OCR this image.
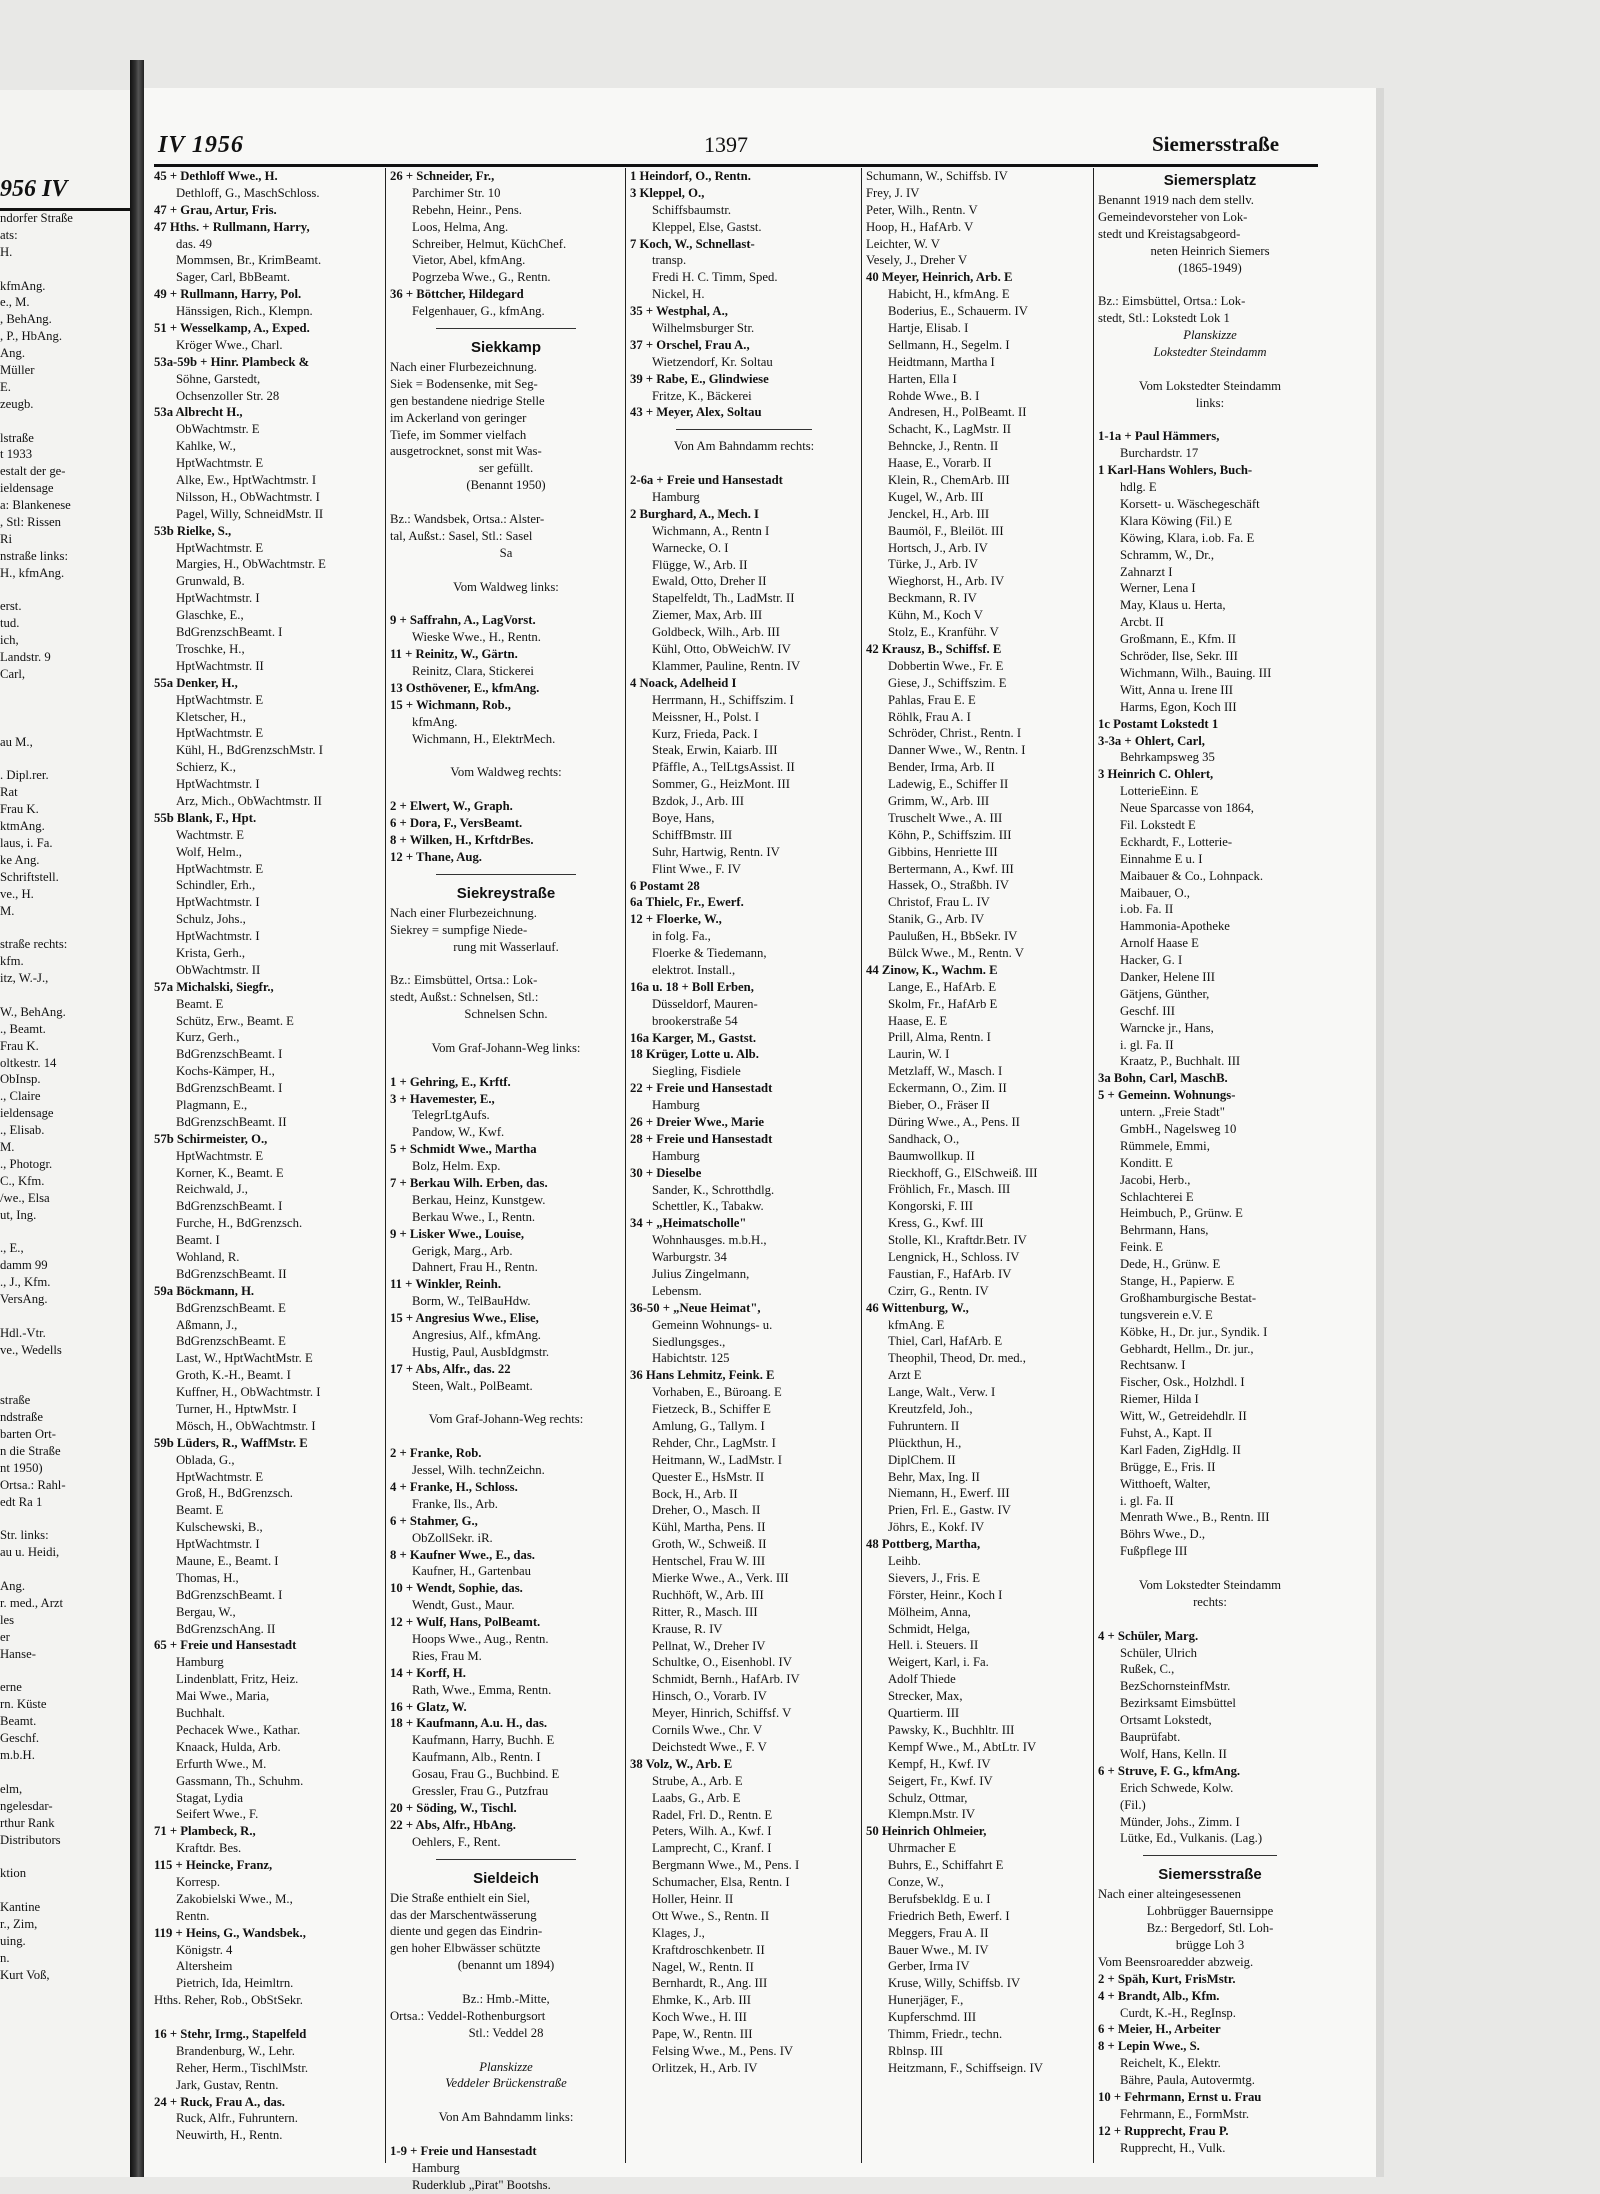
956 IV
ndorfer Straße
ats:
H.
kfmAng.
e., M.
, BehAng.
, P., HbAng.
Ang.
Müller
E.
zeugb.
lstraße
t 1933
estalt der ge-
ieldensage
a: Blankenese
, Stl: Rissen
Ri
nstraße links:
H., kfmAng.
erst.
tud.
ich,
Landstr. 9
Carl,
au M.,
. Dipl.rer.
Rat
Frau K.
ktmAng.
laus, i. Fa.
ke Ang.
Schriftstell.
ve., H.
M.
straße rechts:
kfm.
itz, W.-J.,
W., BehAng.
., Beamt.
Frau K.
oltkestr. 14
ObInsp.
., Claire
ieldensage
., Elisab.
M.
., Photogr.
C., Kfm.
/we., Elsa
ut, Ing.
., E.,
damm 99
., J., Kfm.
VersAng.
Hdl.-Vtr.
ve., Wedells
straße
ndstraße
barten Ort-
n die Straße
nt 1950)
Ortsa.: Rahl-
edt Ra 1
Str. links:
au u. Heidi,
Ang.
r. med., Arzt
les
er
Hanse-
erne
rn. Küste
Beamt.
Geschf.
m.b.H.
elm,
ngelesdar-
rthur Rank
Distributors
ktion
Kantine
r., Zim,
uing.
n.
Kurt Voß,
IV 1956	1397	Siemersstraße
45 + Dethloff Wwe., H.
Dethloff, G., MaschSchloss.
47 + Grau, Artur, Fris.
47 Hths. + Rullmann, Harry,
das. 49
Mommsen, Br., KrimBeamt.
Sager, Carl, BbBeamt.
49 + Rullmann, Harry, Pol.
Hänssigen, Rich., Klempn.
51 + Wesselkamp, A., Exped.
Kröger Wwe., Charl.
53a-59b + Hinr. Plambeck &
Söhne, Garstedt,
Ochsenzoller Str. 28
53a Albrecht H.,
ObWachtmstr. E
Kahlke, W.,
HptWachtmstr. E
Alke, Ew., HptWachtmstr. I
Nilsson, H., ObWachtmstr. I
Pagel, Willy, SchneidMstr. II
53b Rielke, S.,
HptWachtmstr. E
Margies, H., ObWachtmstr. E
Grunwald, B.
HptWachtmstr. I
Glaschke, E.,
BdGrenzschBeamt. I
Troschke, H.,
HptWachtmstr. II
55a Denker, H.,
HptWachtmstr. E
Kletscher, H.,
HptWachtmstr. E
Kühl, H., BdGrenzschMstr. I
Schierz, K.,
HptWachtmstr. I
Arz, Mich., ObWachtmstr. II
55b Blank, F., Hpt.
Wachtmstr. E
Wolf, Helm.,
HptWachtmstr. E
Schindler, Erh.,
HptWachtmstr. I
Schulz, Johs.,
HptWachtmstr. I
Krista, Gerh.,
ObWachtmstr. II
57a Michalski, Siegfr.,
Beamt. E
Schütz, Erw., Beamt. E
Kurz, Gerh.,
BdGrenzschBeamt. I
Kochs-Kämper, H.,
BdGrenzschBeamt. I
Plagmann, E.,
BdGrenzschBeamt. II
57b Schirmeister, O.,
HptWachtmstr. E
Korner, K., Beamt. E
Reichwald, J.,
BdGrenzschBeamt. I
Furche, H., BdGrenzsch.
Beamt. I
Wohland, R.
BdGrenzschBeamt. II
59a Böckmann, H.
BdGrenzschBeamt. E
Aßmann, J.,
BdGrenzschBeamt. E
Last, W., HptWachtMstr. E
Groth, K.-H., Beamt. I
Kuffner, H., ObWachtmstr. I
Turner, H., HptwMstr. I
Mösch, H., ObWachtmstr. I
59b Lüders, R., WaffMstr. E
Oblada, G.,
HptWachtmstr. E
Groß, H., BdGrenzsch.
Beamt. E
Kulschewski, B.,
HptWachtmstr. I
Maune, E., Beamt. I
Thomas, H.,
BdGrenzschBeamt. I
Bergau, W.,
BdGrenzschAng. II
65 + Freie und Hansestadt
Hamburg
Lindenblatt, Fritz, Heiz.
Mai Wwe., Maria,
Buchhalt.
Pechacek Wwe., Kathar.
Knaack, Hulda, Arb.
Erfurth Wwe., M.
Gassmann, Th., Schuhm.
Stagat, Lydia
Seifert Wwe., F.
71 + Plambeck, R.,
Kraftdr. Bes.
115 + Heincke, Franz,
Korresp.
Zakobielski Wwe., M.,
Rentn.
119 + Heins, G., Wandsbek.,
Königstr. 4
Altersheim
Pietrich, Ida, Heimltrn.
Hths. Reher, Rob., ObStSekr.
16 + Stehr, Irmg., Stapelfeld
Brandenburg, W., Lehr.
Reher, Herm., TischlMstr.
Jark, Gustav, Rentn.
24 + Ruck, Frau A., das.
Ruck, Alfr., Fuhruntern.
Neuwirth, H., Rentn.
26 + Schneider, Fr.,
Parchimer Str. 10
Rebehn, Heinr., Pens.
Loos, Helma, Ang.
Schreiber, Helmut, KüchChef.
Vietor, Abel, kfmAng.
Pogrzeba Wwe., G., Rentn.
36 + Böttcher, Hildegard
Felgenhauer, G., kfmAng.
Siekkamp
Nach einer Flurbezeichnung.
Siek = Bodensenke, mit Seg-
gen bestandene niedrige Stelle
im Ackerland von geringer
Tiefe, im Sommer vielfach
ausgetrocknet, sonst mit Was-
ser gefüllt.
(Benannt 1950)
Bz.: Wandsbek, Ortsa.: Alster-
tal, Außst.: Sasel, Stl.: Sasel
Sa
Vom Waldweg links:
9 + Saffrahn, A., LagVorst.
Wieske Wwe., H., Rentn.
11 + Reinitz, W., Gärtn.
Reinitz, Clara, Stickerei
13 Osthövener, E., kfmAng.
15 + Wichmann, Rob.,
kfmAng.
Wichmann, H., ElektrMech.
Vom Waldweg rechts:
2 + Elwert, W., Graph.
6 + Dora, F., VersBeamt.
8 + Wilken, H., KrftdrBes.
12 + Thane, Aug.
Siekreystraße
Nach einer Flurbezeichnung.
Siekrey = sumpfige Niede-
rung mit Wasserlauf.
Bz.: Eimsbüttel, Ortsa.: Lok-
stedt, Außst.: Schnelsen, Stl.:
Schnelsen Schn.
Vom Graf-Johann-Weg links:
1 + Gehring, E., Krftf.
3 + Havemester, E.,
TelegrLtgAufs.
Pandow, W., Kwf.
5 + Schmidt Wwe., Martha
Bolz, Helm. Exp.
7 + Berkau Wilh. Erben, das.
Berkau, Heinz, Kunstgew.
Berkau Wwe., I., Rentn.
9 + Lisker Wwe., Louise,
Gerigk, Marg., Arb.
Dahnert, Frau H., Rentn.
11 + Winkler, Reinh.
Borm, W., TelBauHdw.
15 + Angresius Wwe., Elise,
Angresius, Alf., kfmAng.
Hustig, Paul, AusbIdgmstr.
17 + Abs, Alfr., das. 22
Steen, Walt., PolBeamt.
Vom Graf-Johann-Weg rechts:
2 + Franke, Rob.
Jessel, Wilh. technZeichn.
4 + Franke, H., Schloss.
Franke, Ils., Arb.
6 + Stahmer, G.,
ObZollSekr. iR.
8 + Kaufner Wwe., E., das.
Kaufner, H., Gartenbau
10 + Wendt, Sophie, das.
Wendt, Gust., Maur.
12 + Wulf, Hans, PolBeamt.
Hoops Wwe., Aug., Rentn.
Ries, Frau M.
14 + Korff, H.
Rath, Wwe., Emma, Rentn.
16 + Glatz, W.
18 + Kaufmann, A.u. H., das.
Kaufmann, Harry, Buchh. E
Kaufmann, Alb., Rentn. I
Gosau, Frau G., Buchbind. E
Gressler, Frau G., Putzfrau
20 + Söding, W., Tischl.
22 + Abs, Alfr., HbAng.
Oehlers, F., Rent.
Sieldeich
Die Straße enthielt ein Siel,
das der Marschentwässerung
diente und gegen das Eindrin-
gen hoher Elbwässer schützte
(benannt um 1894)
Bz.: Hmb.-Mitte,
Ortsa.: Veddel-Rothenburgsort
Stl.: Veddel 28
Planskizze
Veddeler Brückenstraße
Von Am Bahndamm links:
1-9 + Freie und Hansestadt
Hamburg
Ruderklub „Pirat" Bootshs.
1 Heindorf, O., Rentn.
3 Kleppel, O.,
Schiffsbaumstr.
Kleppel, Else, Gastst.
7 Koch, W., Schnellast-
transp.
Fredi H. C. Timm, Sped.
Nickel, H.
35 + Westphal, A.,
Wilhelmsburger Str.
37 + Orschel, Frau A.,
Wietzendorf, Kr. Soltau
39 + Rabe, E., Glindwiese
Fritze, K., Bäckerei
43 + Meyer, Alex, Soltau
Von Am Bahndamm rechts:
2-6a + Freie und Hansestadt
Hamburg
2 Burghard, A., Mech. I
Wichmann, A., Rentn I
Warnecke, O. I
Flügge, W., Arb. II
Ewald, Otto, Dreher II
Stapelfeldt, Th., LadMstr. II
Ziemer, Max, Arb. III
Goldbeck, Wilh., Arb. III
Kühl, Otto, ObWeichW. IV
Klammer, Pauline, Rentn. IV
4 Noack, Adelheid I
Herrmann, H., Schiffszim. I
Meissner, H., Polst. I
Kurz, Frieda, Pack. I
Steak, Erwin, Kaiarb. III
Pfäffle, A., TelLtgsAssist. II
Sommer, G., HeizMont. III
Bzdok, J., Arb. III
Boye, Hans,
SchiffBmstr. III
Suhr, Hartwig, Rentn. IV
Flint Wwe., F. IV
6 Postamt 28
6a Thielc, Fr., Ewerf.
12 + Floerke, W.,
in folg. Fa.,
Floerke & Tiedemann,
elektrot. Install.,
16a u. 18 + Boll Erben,
Düsseldorf, Mauren-
brookerstraße 54
16a Karger, M., Gastst.
18 Krüger, Lotte u. Alb.
Siegling, Fisdiele
22 + Freie und Hansestadt
Hamburg
26 + Dreier Wwe., Marie
28 + Freie und Hansestadt
Hamburg
30 + Dieselbe
Sander, K., Schrotthdlg.
Schettler, K., Tabakw.
34 + „Heimatscholle"
Wohnhausges. m.b.H.,
Warburgstr. 34
Julius Zingelmann,
Lebensm.
36-50 + „Neue Heimat",
Gemeinn Wohnungs- u.
Siedlungsges.,
Habichtstr. 125
36 Hans Lehmitz, Feink. E
Vorhaben, E., Büroang. E
Fietzeck, B., Schiffer E
Amlung, G., Tallym. I
Rehder, Chr., LagMstr. I
Heitmann, W., LadMstr. I
Quester E., HsMstr. II
Bock, H., Arb. II
Dreher, O., Masch. II
Kühl, Martha, Pens. II
Groth, W., Schweiß. II
Hentschel, Frau W. III
Mierke Wwe., A., Verk. III
Ruchhöft, W., Arb. III
Ritter, R., Masch. III
Krause, R. IV
Pellnat, W., Dreher IV
Schultke, O., Eisenhobl. IV
Schmidt, Bernh., HafArb. IV
Hinsch, O., Vorarb. IV
Meyer, Hinrich, Schiffsf. V
Cornils Wwe., Chr. V
Deichstedt Wwe., F. V
38 Volz, W., Arb. E
Strube, A., Arb. E
Laabs, G., Arb. E
Radel, Frl. D., Rentn. E
Peters, Wilh. A., Kwf. I
Lamprecht, C., Kranf. I
Bergmann Wwe., M., Pens. I
Schumacher, Elsa, Rentn. I
Holler, Heinr. II
Ott Wwe., S., Rentn. II
Klages, J.,
Kraftdroschkenbetr. II
Nagel, W., Rentn. II
Bernhardt, R., Ang. III
Ehmke, K., Arb. III
Koch Wwe., H. III
Pape, W., Rentn. III
Felsing Wwe., M., Pens. IV
Orlitzek, H., Arb. IV
Schumann, W., Schiffsb. IV
Frey, J. IV
Peter, Wilh., Rentn. V
Hoop, H., HafArb. V
Leichter, W. V
Vesely, J., Dreher V
40 Meyer, Heinrich, Arb. E
Habicht, H., kfmAng. E
Boderius, E., Schauerm. IV
Hartje, Elisab. I
Sellmann, H., Segelm. I
Heidtmann, Martha I
Harten, Ella I
Rohde Wwe., B. I
Andresen, H., PolBeamt. II
Schacht, K., LagMstr. II
Behncke, J., Rentn. II
Haase, E., Vorarb. II
Klein, R., ChemArb. III
Kugel, W., Arb. III
Jenckel, H., Arb. III
Baumöl, F., Bleilöt. III
Hortsch, J., Arb. IV
Türke, J., Arb. IV
Wieghorst, H., Arb. IV
Beckmann, R. IV
Kühn, M., Koch V
Stolz, E., Kranführ. V
42 Krausz, B., Schiffsf. E
Dobbertin Wwe., Fr. E
Giese, J., Schiffszim. E
Pahlas, Frau E. E
Röhlk, Frau A. I
Schröder, Christ., Rentn. I
Danner Wwe., W., Rentn. I
Bender, Irma, Arb. II
Ladewig, E., Schiffer II
Grimm, W., Arb. III
Truschelt Wwe., A. III
Köhn, P., Schiffszim. III
Gibbins, Henriette III
Bertermann, A., Kwf. III
Hassek, O., Straßbh. IV
Christof, Frau L. IV
Stanik, G., Arb. IV
Paulußen, H., BbSekr. IV
Bülck Wwe., M., Rentn. V
44 Zinow, K., Wachm. E
Lange, E., HafArb. E
Skolm, Fr., HafArb E
Haase, E. E
Prill, Alma, Rentn. I
Laurin, W. I
Metzlaff, W., Masch. I
Eckermann, O., Zim. II
Bieber, O., Fräser II
Düring Wwe., A., Pens. II
Sandhack, O.,
Baumwollkup. II
Rieckhoff, G., ElSchweiß. III
Fröhlich, Fr., Masch. III
Kongorski, F. III
Kress, G., Kwf. III
Stolle, Kl., Kraftdr.Betr. IV
Lengnick, H., Schloss. IV
Faustian, F., HafArb. IV
Czirr, G., Rentn. IV
46 Wittenburg, W.,
kfmAng. E
Thiel, Carl, HafArb. E
Theophil, Theod, Dr. med.,
Arzt E
Lange, Walt., Verw. I
Kreutzfeld, Joh.,
Fuhruntern. II
Plückthun, H.,
DiplChem. II
Behr, Max, Ing. II
Niemann, H., Ewerf. III
Prien, Frl. E., Gastw. IV
Jöhrs, E., Kokf. IV
48 Pottberg, Martha,
Leihb.
Sievers, J., Fris. E
Förster, Heinr., Koch I
Mölheim, Anna,
Schmidt, Helga,
Hell. i. Steuers. II
Weigert, Karl, i. Fa.
Adolf Thiede
Strecker, Max,
Quartierm. III
Pawsky, K., Buchhltr. III
Kempf Wwe., M., AbtLtr. IV
Kempf, H., Kwf. IV
Seigert, Fr., Kwf. IV
Schulz, Ottmar,
Klempn.Mstr. IV
50 Heinrich Ohlmeier,
Uhrmacher E
Buhrs, E., Schiffahrt E
Conze, W.,
Berufsbekldg. E u. I
Friedrich Beth, Ewerf. I
Meggers, Frau A. II
Bauer Wwe., M. IV
Gerber, Irma IV
Kruse, Willy, Schiffsb. IV
Hunerjäger, F.,
Kupferschmd. III
Thimm, Friedr., techn.
Rblnsp. III
Heitzmann, F., Schiffseign. IV
Siemersplatz
Benannt 1919 nach dem stellv.
Gemeindevorsteher von Lok-
stedt und Kreistagsabgeord-
neten Heinrich Siemers
(1865-1949)
Bz.: Eimsbüttel, Ortsa.: Lok-
stedt, Stl.: Lokstedt Lok 1
Planskizze
Lokstedter Steindamm
Vom Lokstedter Steindamm
links:
1-1a + Paul Hämmers,
Burchardstr. 17
1 Karl-Hans Wohlers, Buch-
hdlg. E
Korsett- u. Wäschegeschäft
Klara Köwing (Fil.) E
Köwing, Klara, i.ob. Fa. E
Schramm, W., Dr.,
Zahnarzt I
Werner, Lena I
May, Klaus u. Herta,
Arcbt. II
Großmann, E., Kfm. II
Schröder, Ilse, Sekr. III
Wichmann, Wilh., Bauing. III
Witt, Anna u. Irene III
Harms, Egon, Koch III
1c Postamt Lokstedt 1
3-3a + Ohlert, Carl,
Behrkampsweg 35
3 Heinrich C. Ohlert,
LotterieEinn. E
Neue Sparcasse von 1864,
Fil. Lokstedt E
Eckhardt, F., Lotterie-
Einnahme E u. I
Maibauer & Co., Lohnpack.
Maibauer, O.,
i.ob. Fa. II
Hammonia-Apotheke
Arnolf Haase E
Hacker, G. I
Danker, Helene III
Gätjens, Günther,
Geschf. III
Warncke jr., Hans,
i. gl. Fa. II
Kraatz, P., Buchhalt. III
3a Bohn, Carl, MaschB.
5 + Gemeinn. Wohnungs-
untern. „Freie Stadt"
GmbH., Nagelsweg 10
Rümmele, Emmi,
Konditt. E
Jacobi, Herb.,
Schlachterei E
Heimbuch, P., Grünw. E
Behrmann, Hans,
Feink. E
Dede, H., Grünw. E
Stange, H., Papierw. E
Großhamburgische Bestat-
tungsverein e.V. E
Köbke, H., Dr. jur., Syndik. I
Gebhardt, Hellm., Dr. jur.,
Rechtsanw. I
Fischer, Osk., Holzhdl. I
Riemer, Hilda I
Witt, W., Getreidehdlr. II
Fuhst, A., Kapt. II
Karl Faden, ZigHdlg. II
Brügge, E., Fris. II
Witthoeft, Walter,
i. gl. Fa. II
Menrath Wwe., B., Rentn. III
Böhrs Wwe., D.,
Fußpflege III
Vom Lokstedter Steindamm
rechts:
4 + Schüler, Marg.
Schüler, Ulrich
Rußek, C.,
BezSchornsteinfMstr.
Bezirksamt Eimsbüttel
Ortsamt Lokstedt,
Bauprüfabt.
Wolf, Hans, Kelln. II
6 + Struve, F. G., kfmAng.
Erich Schwede, Kolw.
(Fil.)
Münder, Johs., Zimm. I
Lütke, Ed., Vulkanis. (Lag.)
Siemersstraße
Nach einer alteingesessenen
Lohbrügger Bauernsippe
Bz.: Bergedorf, Stl. Loh-
brügge Loh 3
Vom Beensroaredder abzweig.
2 + Späh, Kurt, FrisMstr.
4 + Brandt, Alb., Kfm.
Curdt, K.-H., RegInsp.
6 + Meier, H., Arbeiter
8 + Lepin Wwe., S.
Reichelt, K., Elektr.
Bähre, Paula, Autovermtg.
10 + Fehrmann, Ernst u. Frau
Fehrmann, E., FormMstr.
12 + Rupprecht, Frau P.
Rupprecht, H., Vulk.
